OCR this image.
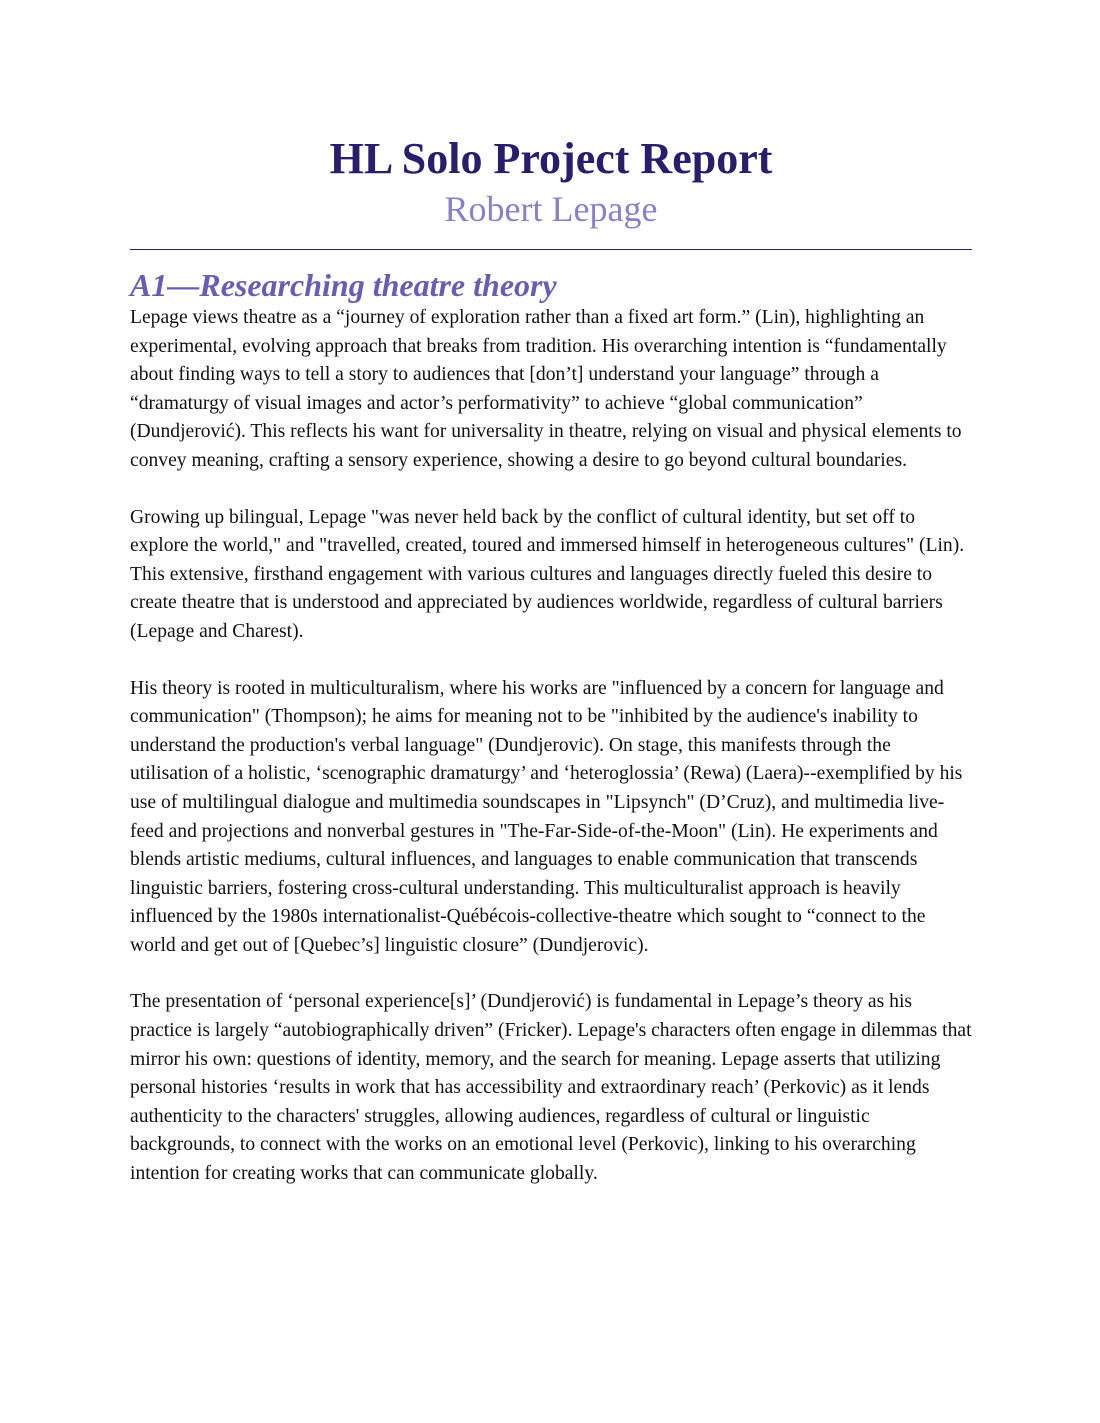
HL Solo Project Report
Robert Lepage
A1—Researching theatre theory

Lepage views theatre as a “journey of exploration rather than a fixed art form.” (Lin), highlighting an experimental, evolving approach that breaks from tradition. His overarching intention is “fundamentally about finding ways to tell a story to audiences that [don’t] understand your language” through a “dramaturgy of visual images and actor’s performativity” to achieve “global communication” (Dundjerović). This reflects his want for universality in theatre, relying on visual and physical elements to convey meaning, crafting a sensory experience, showing a desire to go beyond cultural boundaries.

Growing up bilingual, Lepage "was never held back by the conflict of cultural identity, but set off to explore the world," and "travelled, created, toured and immersed himself in heterogeneous cultures" (Lin). This extensive, firsthand engagement with various cultures and languages directly fueled this desire to create theatre that is understood and appreciated by audiences worldwide, regardless of cultural barriers (Lepage and Charest).

His theory is rooted in multiculturalism, where his works are "influenced by a concern for language and communication" (Thompson); he aims for meaning not to be "inhibited by the audience's inability to understand the production's verbal language" (Dundjerovic). On stage, this manifests through the utilisation of a holistic, ‘scenographic dramaturgy’ and ‘heteroglossia’ (Rewa) (Laera)--exemplified by his use of multilingual dialogue and multimedia soundscapes in "Lipsynch" (D’Cruz), and multimedia live-feed and projections and nonverbal gestures in "The-Far-Side-of-the-Moon" (Lin). He experiments and blends artistic mediums, cultural influences, and languages to enable communication that transcends linguistic barriers, fostering cross-cultural understanding. This multiculturalist approach is heavily influenced by the 1980s internationalist-Québécois-collective-theatre which sought to “connect to the world and get out of [Quebec’s] linguistic closure” (Dundjerovic).

The presentation of ‘personal experience[s]’ (Dundjerović) is fundamental in Lepage’s theory as his practice is largely “autobiographically driven” (Fricker). Lepage's characters often engage in dilemmas that mirror his own: questions of identity, memory, and the search for meaning. Lepage asserts that utilizing personal histories ‘results in work that has accessibility and extraordinary reach’ (Perkovic) as it lends authenticity to the characters' struggles, allowing audiences, regardless of cultural or linguistic backgrounds, to connect with the works on an emotional level (Perkovic), linking to his overarching intention for creating works that can communicate globally.
